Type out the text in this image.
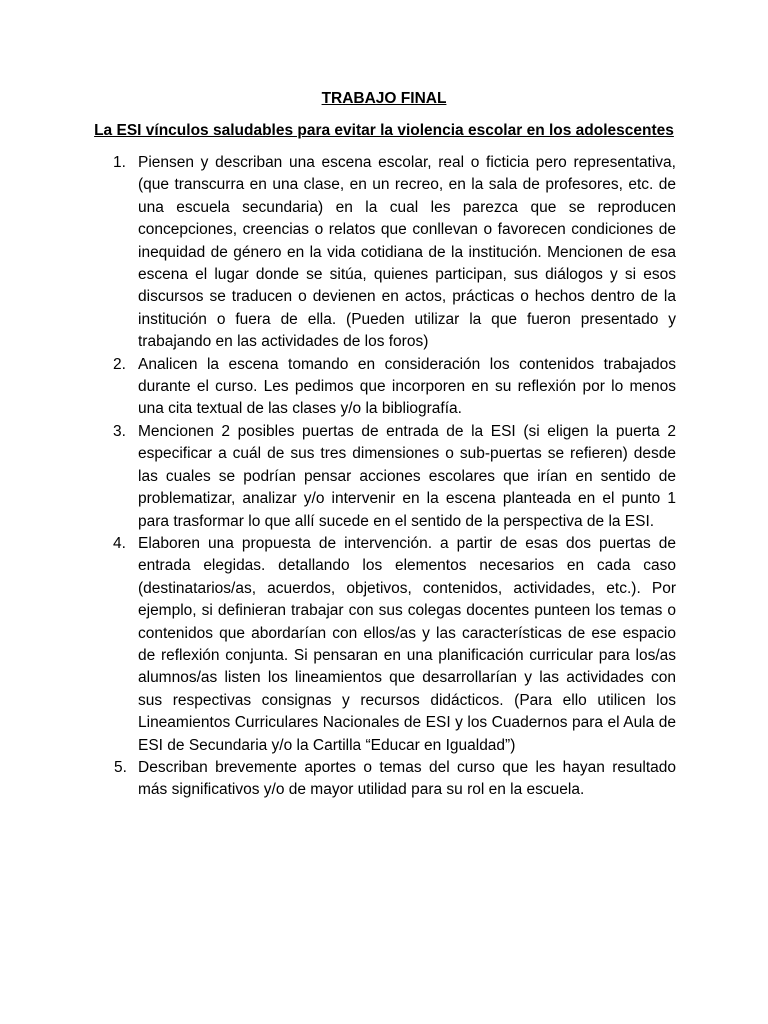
TRABAJO FINAL

La ESI vínculos saludables para evitar la violencia escolar en los adolescentes

1. Piensen y describan una escena escolar, real o ficticia pero representativa, (que transcurra en una clase, en un recreo, en la sala de profesores, etc. de una escuela secundaria) en la cual les parezca que se reproducen concepciones, creencias o relatos que conllevan o favorecen condiciones de inequidad de género en la vida cotidiana de la institución. Mencionen de esa escena el lugar donde se sitúa, quienes participan, sus diálogos y si esos discursos se traducen o devienen en actos, prácticas o hechos dentro de la institución o fuera de ella. (Pueden utilizar la que fueron presentado y trabajando en las actividades de los foros)
2. Analicen la escena tomando en consideración los contenidos trabajados durante el curso. Les pedimos que incorporen en su reflexión por lo menos una cita textual de las clases y/o la bibliografía.
3. Mencionen 2 posibles puertas de entrada de la ESI (si eligen la puerta 2 especificar a cuál de sus tres dimensiones o sub-puertas se refieren) desde las cuales se podrían pensar acciones escolares que irían en sentido de problematizar, analizar y/o intervenir en la escena planteada en el punto 1 para trasformar lo que allí sucede en el sentido de la perspectiva de la ESI.
4. Elaboren una propuesta de intervención. a partir de esas dos puertas de entrada elegidas. detallando los elementos necesarios en cada caso (destinatarios/as, acuerdos, objetivos, contenidos, actividades, etc.). Por ejemplo, si definieran trabajar con sus colegas docentes punteen los temas o contenidos que abordarían con ellos/as y las características de ese espacio de reflexión conjunta. Si pensaran en una planificación curricular para los/as alumnos/as listen los lineamientos que desarrollarían y las actividades con sus respectivas consignas y recursos didácticos. (Para ello utilicen los Lineamientos Curriculares Nacionales de ESI y los Cuadernos para el Aula de ESI de Secundaria y/o la Cartilla “Educar en Igualdad”)
5. Describan brevemente aportes o temas del curso que les hayan resultado más significativos y/o de mayor utilidad para su rol en la escuela.
